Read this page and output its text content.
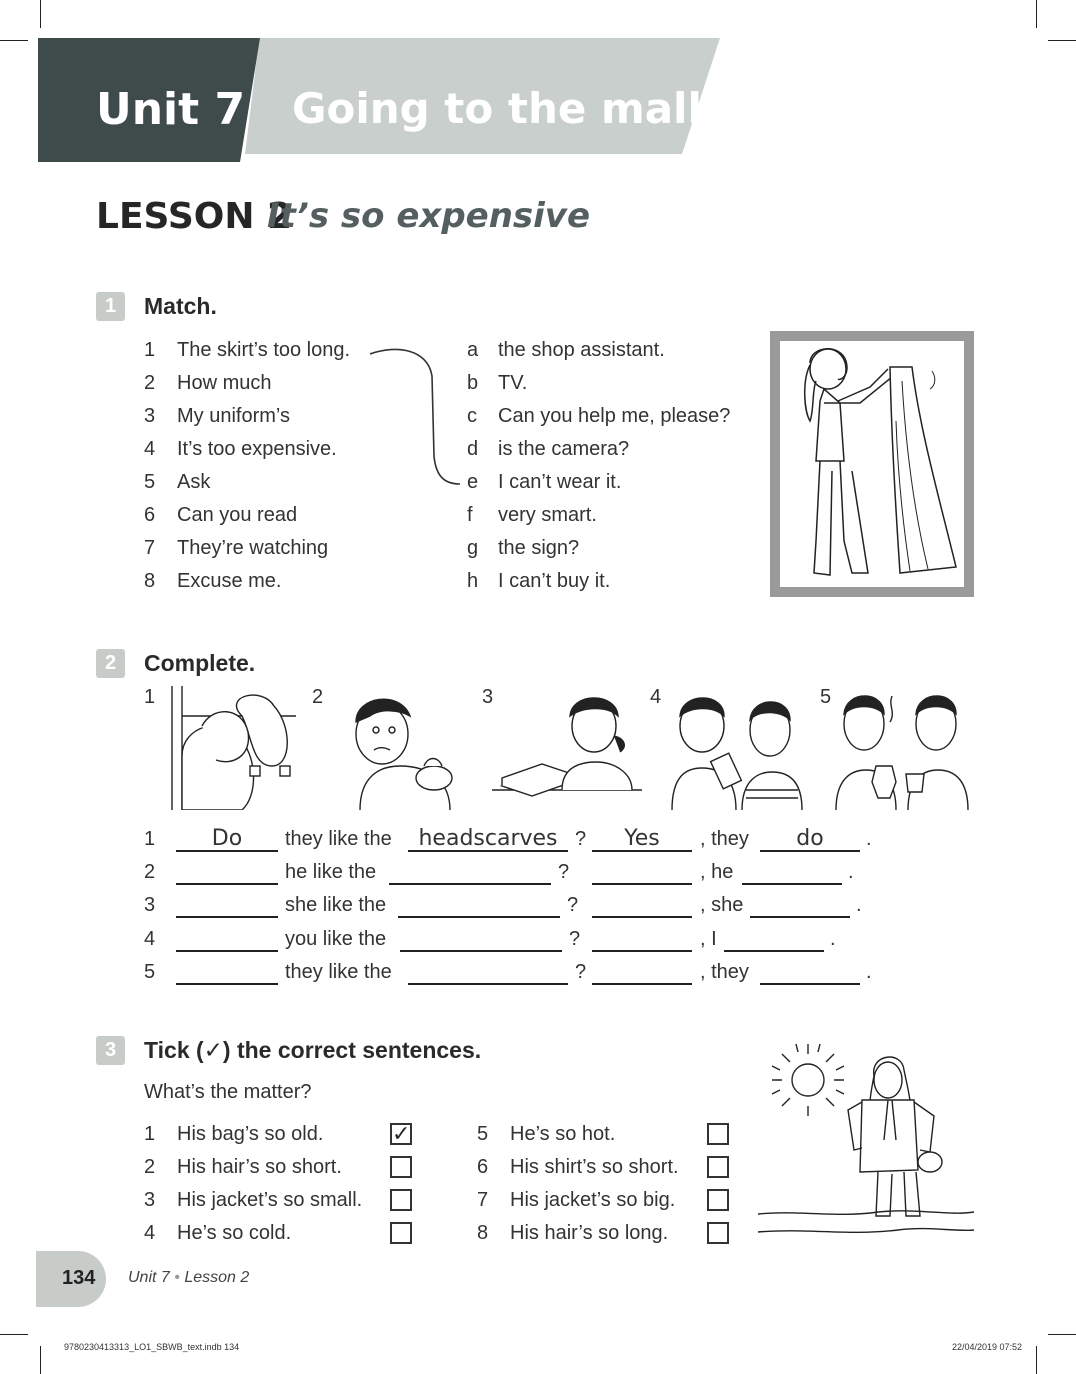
Unit 7 Going to the mall
LESSON 2
It’s so expensive
1	Match.
1 The skirt’s too long.
2 How much
3 My uniform’s
4 It’s too expensive.
5 Ask
6 Can you read
7 They’re watching
8 Excuse me.
a the shop assistant.
b TV.
c Can you help me, please?
d is the camera?
e I can’t wear it.
f very smart.
g the sign?
h I can’t buy it.
2	Complete.
1	2	3	4	5
1	Do	they like the	headscarves ?	Yes	, they	do	.
2	he like the	?	, he	.
3	she like the	?	, she	.
4	you like the	?	, I	.
5	they like the	?	, they	.
3	Tick (✓) the correct sentences.
What’s the matter?
1 His bag’s so old.	✓
2 His hair’s so short.
3 His jacket’s so small.
4 He’s so cold.
5 He’s so hot.
6 His shirt’s so short.
7 His jacket’s so big.
8 His hair’s so long.
134 Unit 7 • Lesson 2
9780230413313_LO1_SBWB_text.indb 134	22/04/2019 07:52
